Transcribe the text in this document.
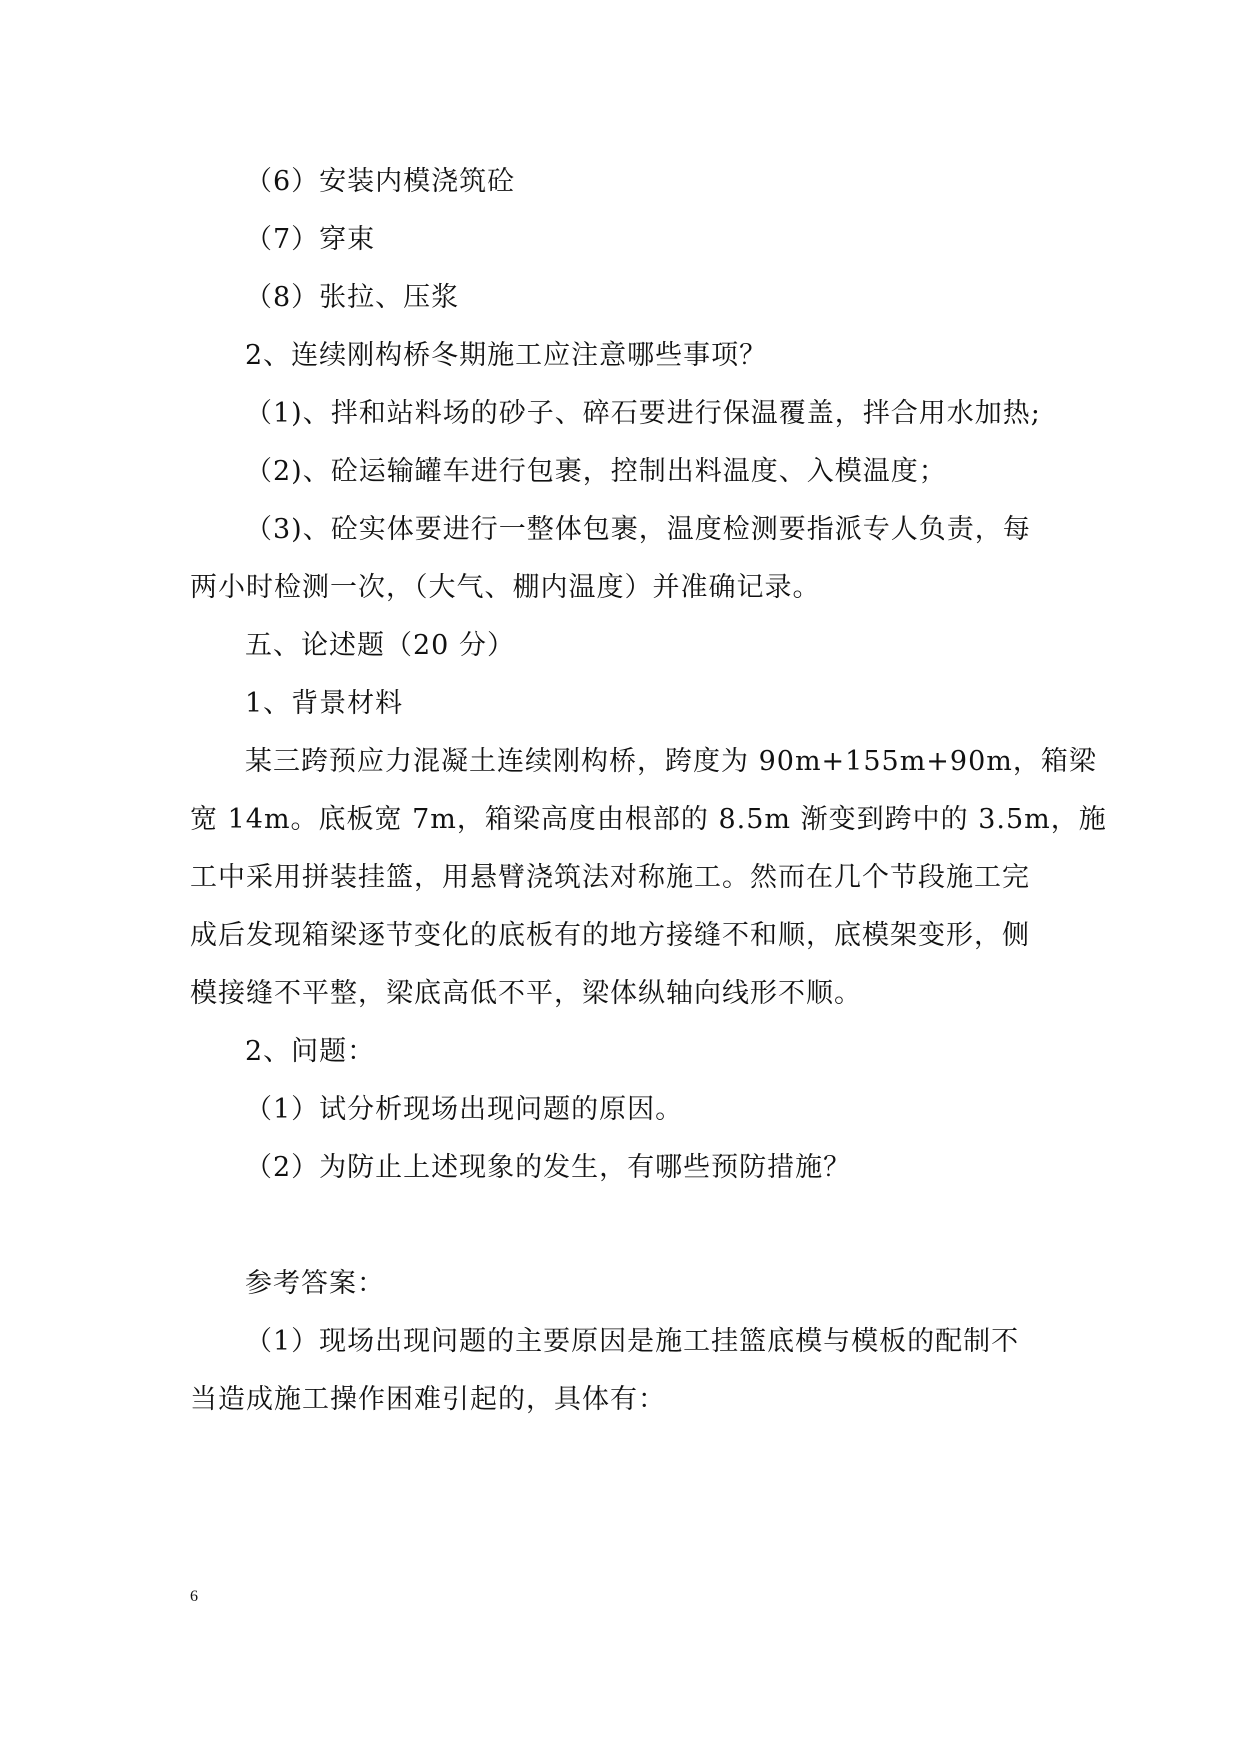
（6）安装内模浇筑砼
（7）穿束
（8）张拉、压浆
2、连续刚构桥冬期施工应注意哪些事项？
（1)、拌和站料场的砂子、碎石要进行保温覆盖，拌合用水加热;
（2)、砼运输罐车进行包裹，控制出料温度、入模温度；
（3)、砼实体要进行一整体包裹，温度检测要指派专人负责，每
两小时检测一次，（大气、棚内温度）并准确记录。
五、论述题（20 分）
1、背景材料
某三跨预应力混凝土连续刚构桥，跨度为 90m+155m+90m，箱梁
宽 14m。底板宽 7m，箱梁高度由根部的 8.5m 渐变到跨中的 3.5m，施
工中采用拼装挂篮，用悬臂浇筑法对称施工。然而在几个节段施工完
成后发现箱梁逐节变化的底板有的地方接缝不和顺，底模架变形，侧
模接缝不平整，梁底高低不平，梁体纵轴向线形不顺。
2、问题：
（1）试分析现场出现问题的原因。
（2）为防止上述现象的发生，有哪些预防措施？
参考答案：
（1）现场出现问题的主要原因是施工挂篮底模与模板的配制不
当造成施工操作困难引起的，具体有：
6
